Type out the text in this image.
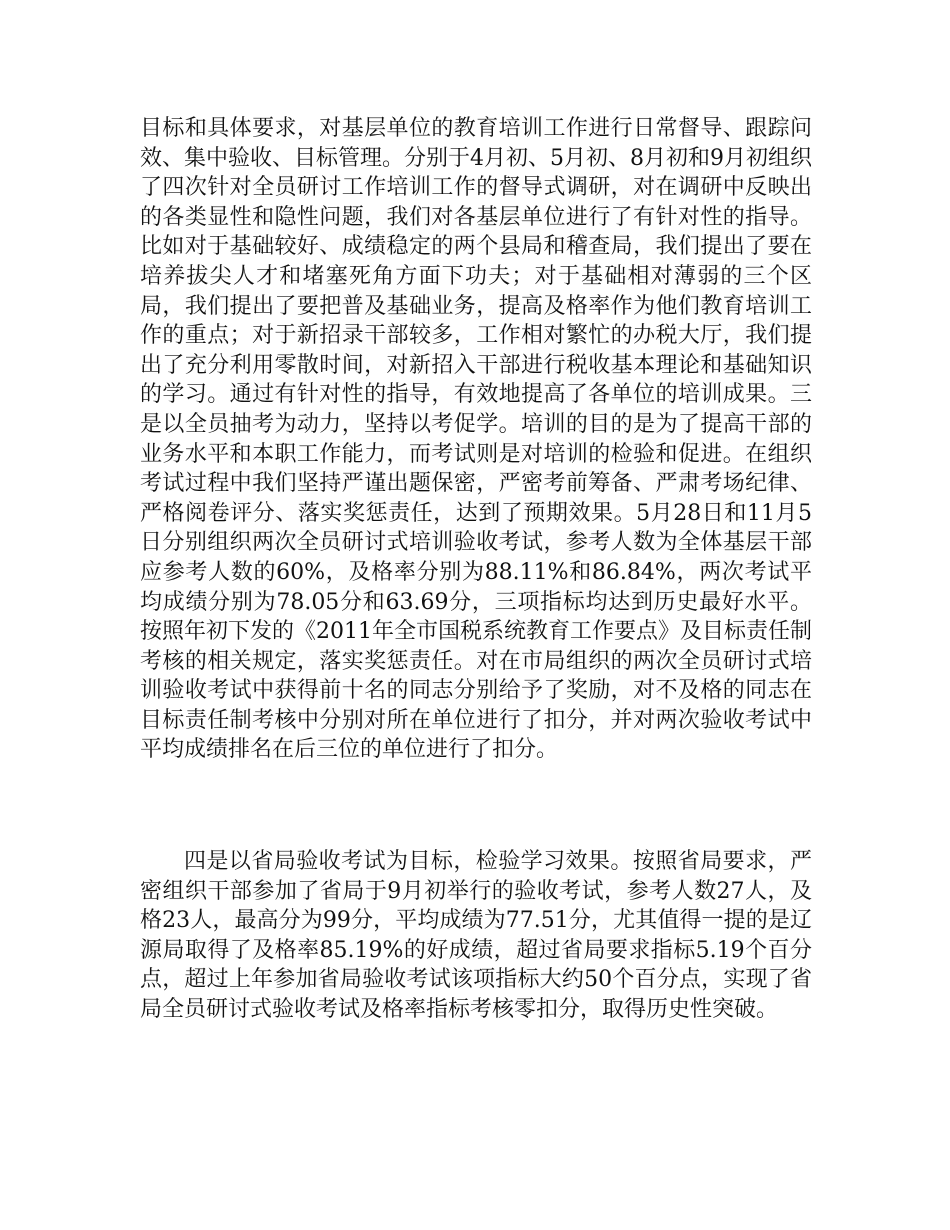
目标和具体要求，对基层单位的教育培训工作进行日常督导、跟踪问效、集中验收、目标管理。分别于4月初、5月初、8月初和9月初组织了四次针对全员研讨工作培训工作的督导式调研，对在调研中反映出的各类显性和隐性问题，我们对各基层单位进行了有针对性的指导。比如对于基础较好、成绩稳定的两个县局和稽查局，我们提出了要在培养拔尖人才和堵塞死角方面下功夫；对于基础相对薄弱的三个区局，我们提出了要把普及基础业务，提高及格率作为他们教育培训工作的重点；对于新招录干部较多，工作相对繁忙的办税大厅，我们提出了充分利用零散时间，对新招入干部进行税收基本理论和基础知识的学习。通过有针对性的指导，有效地提高了各单位的培训成果。三是以全员抽考为动力，坚持以考促学。培训的目的是为了提高干部的业务水平和本职工作能力，而考试则是对培训的检验和促进。在组织考试过程中我们坚持严谨出题保密，严密考前筹备、严肃考场纪律、严格阅卷评分、落实奖惩责任，达到了预期效果。5月28日和11月5日分别组织两次全员研讨式培训验收考试，参考人数为全体基层干部应参考人数的60%，及格率分别为88.11%和86.84%，两次考试平均成绩分别为78.05分和63.69分，三项指标均达到历史最好水平。按照年初下发的《2011年全市国税系统教育工作要点》及目标责任制考核的相关规定，落实奖惩责任。对在市局组织的两次全员研讨式培训验收考试中获得前十名的同志分别给予了奖励，对不及格的同志在目标责任制考核中分别对所在单位进行了扣分，并对两次验收考试中平均成绩排名在后三位的单位进行了扣分。

四是以省局验收考试为目标，检验学习效果。按照省局要求，严密组织干部参加了省局于9月初举行的验收考试，参考人数27人，及格23人，最高分为99分，平均成绩为77.51分，尤其值得一提的是辽源局取得了及格率85.19%的好成绩，超过省局要求指标5.19个百分点，超过上年参加省局验收考试该项指标大约50个百分点，实现了省局全员研讨式验收考试及格率指标考核零扣分，取得历史性突破。
